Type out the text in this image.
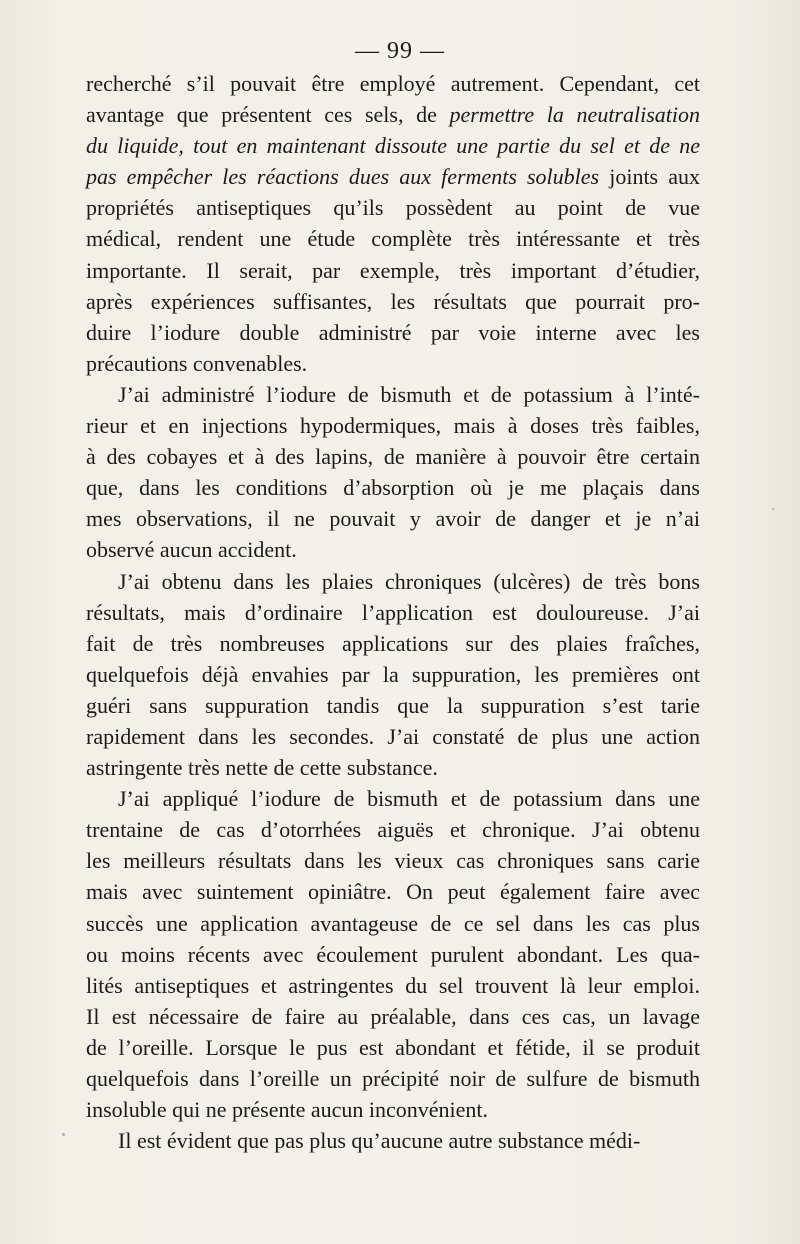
— 99 —
recherché s’il pouvait être employé autrement. Cependant, cet
avantage que présentent ces sels, de permettre la neutralisation
du liquide, tout en maintenant dissoute une partie du sel et de ne
pas empêcher les réactions dues aux ferments solubles joints aux
propriétés antiseptiques qu’ils possèdent au point de vue
médical, rendent une étude complète très intéressante et très
importante. Il serait, par exemple, très important d’étudier,
après expériences suffisantes, les résultats que pourrait pro-
duire l’iodure double administré par voie interne avec les
précautions convenables.
J’ai administré l’iodure de bismuth et de potassium à l’inté-
rieur et en injections hypodermiques, mais à doses très faibles,
à des cobayes et à des lapins, de manière à pouvoir être certain
que, dans les conditions d’absorption où je me plaçais dans
mes observations, il ne pouvait y avoir de danger et je n’ai
observé aucun accident.
J’ai obtenu dans les plaies chroniques (ulcères) de très bons
résultats, mais d’ordinaire l’application est douloureuse. J’ai
fait de très nombreuses applications sur des plaies fraîches,
quelquefois déjà envahies par la suppuration, les premières ont
guéri sans suppuration tandis que la suppuration s’est tarie
rapidement dans les secondes. J’ai constaté de plus une action
astringente très nette de cette substance.
J’ai appliqué l’iodure de bismuth et de potassium dans une
trentaine de cas d’otorrhées aiguës et chronique. J’ai obtenu
les meilleurs résultats dans les vieux cas chroniques sans carie
mais avec suintement opiniâtre. On peut également faire avec
succès une application avantageuse de ce sel dans les cas plus
ou moins récents avec écoulement purulent abondant. Les qua-
lités antiseptiques et astringentes du sel trouvent là leur emploi.
Il est nécessaire de faire au préalable, dans ces cas, un lavage
de l’oreille. Lorsque le pus est abondant et fétide, il se produit
quelquefois dans l’oreille un précipité noir de sulfure de bismuth
insoluble qui ne présente aucun inconvénient.
Il est évident que pas plus qu’aucune autre substance médi-
